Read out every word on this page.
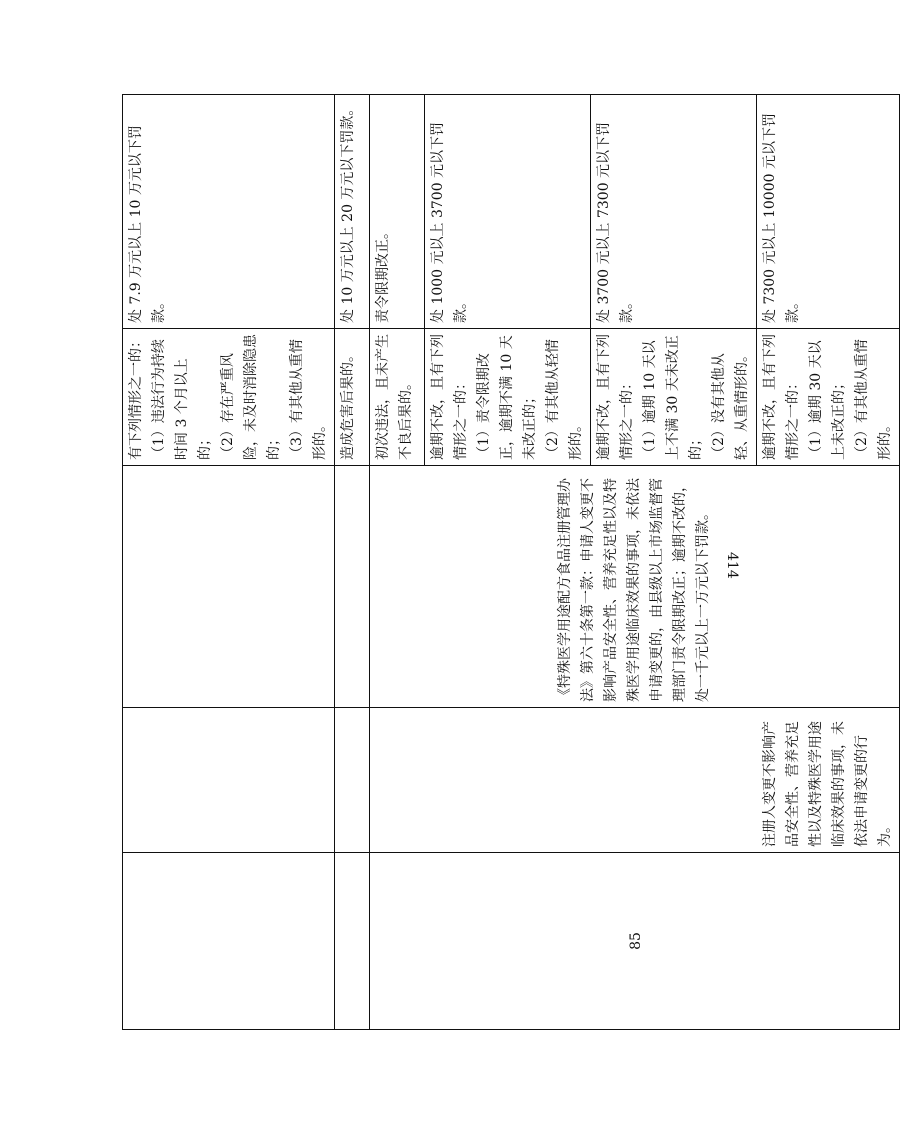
414

			有下列情形之一的：
（1）违法行为持续时间 3 个月以上的；
（2）存在严重风险，未及时消除隐患的；
（3）有其他从重情形的。	处 7.9 万元以上 10 万元以下罚款。

			造成危害后果的。	处 10 万元以上 20 万元以下罚款。

85	注册人变更不影响产品安全性、营养充足性以及特殊医学用途临床效果的事项，未依法申请变更的行为。	《特殊医学用途配方食品注册管理办法》第六十条第一款：申请人变更不影响产品安全性、营养充足性以及特殊医学用途临床效果的事项，未依法申请变更的，由县级以上市场监督管理部门责令限期改正；逾期不改的，处一千元以上一万元以下罚款。	初次违法，且未产生不良后果的。	责令限期改正。

			逾期不改，且有下列情形之一的：
（1）责令限期改正，逾期不满 10 天未改正的；
（2）有其他从轻情形的。	处 1000 元以上 3700 元以下罚款。

			逾期不改，且有下列情形之一的：
（1）逾期 10 天以上不满 30 天未改正的；
（2）没有其他从轻、从重情形的。	处 3700 元以上 7300 元以下罚款。

			逾期不改，且有下列情形之一的：
（1）逾期 30 天以上未改正的；
（2）有其他从重情形的。	处 7300 元以上 10000 元以下罚款。
